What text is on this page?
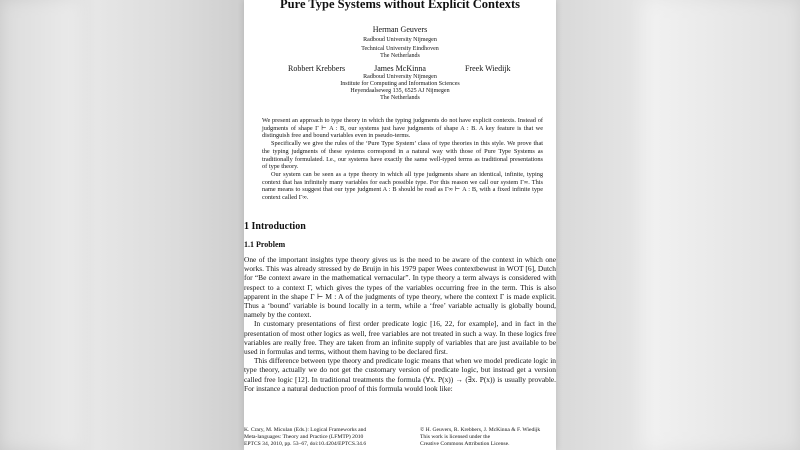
Pure Type Systems without Explicit Contexts
Herman Geuvers
Radboud University Nijmegen
Technical University Eindhoven
The Netherlands
Robbert Krebbers	James McKinna	Freek Wiedijk
Radboud University Nijmegen
Institute for Computing and Information Sciences
Heyendaalseweg 135, 6525 AJ Nijmegen
The Netherlands

We present an approach to type theory in which the typing judgments do not have explicit contexts. Instead of judgments of shape Γ ⊢ A : B, our systems just have judgments of shape A : B. A key feature is that we distinguish free and bound variables even in pseudo-terms.

Specifically we give the rules of the ‘Pure Type System’ class of type theories in this style. We prove that the typing judgments of these systems correspond in a natural way with those of Pure Type Systems as traditionally formulated. I.e., our systems have exactly the same well-typed terms as traditional presentations of type theory.

Our system can be seen as a type theory in which all type judgments share an identical, infinite, typing context that has infinitely many variables for each possible type. For this reason we call our system Γ∞. This name means to suggest that our type judgment A : B should be read as Γ∞ ⊢ A : B, with a fixed infinite type context called Γ∞.

1 Introduction
1.1 Problem

One of the important insights type theory gives us is the need to be aware of the context in which one works. This was already stressed by de Bruijn in his 1979 paper Wees contextbewust in WOT [6], Dutch for “Be context aware in the mathematical vernacular”. In type theory a term always is considered with respect to a context Γ, which gives the types of the variables occurring free in the term. This is also apparent in the shape Γ ⊢ M : A of the judgments of type theory, where the context Γ is made explicit. Thus a ‘bound’ variable is bound locally in a term, while a ‘free’ variable actually is globally bound, namely by the context.

In customary presentations of first order predicate logic [16, 22, for example], and in fact in the presentation of most other logics as well, free variables are not treated in such a way. In these logics free variables are really free. They are taken from an infinite supply of variables that are just available to be used in formulas and terms, without them having to be declared first.

This difference between type theory and predicate logic means that when we model predicate logic in type theory, actually we do not get the customary version of predicate logic, but instead get a version called free logic [12]. In traditional treatments the formula (∀x. P(x)) → (∃x. P(x)) is usually provable. For instance a natural deduction proof of this formula would look like:

K. Crary, M. Miculan (Eds.): Logical Frameworks and
Meta-languages: Theory and Practice (LFMTP) 2010
EPTCS 34, 2010, pp. 53–67, doi:10.4204/EPTCS.34.6
© H. Geuvers, R. Krebbers, J. McKinna & F. Wiedijk
This work is licensed under the
Creative Commons Attribution License.
